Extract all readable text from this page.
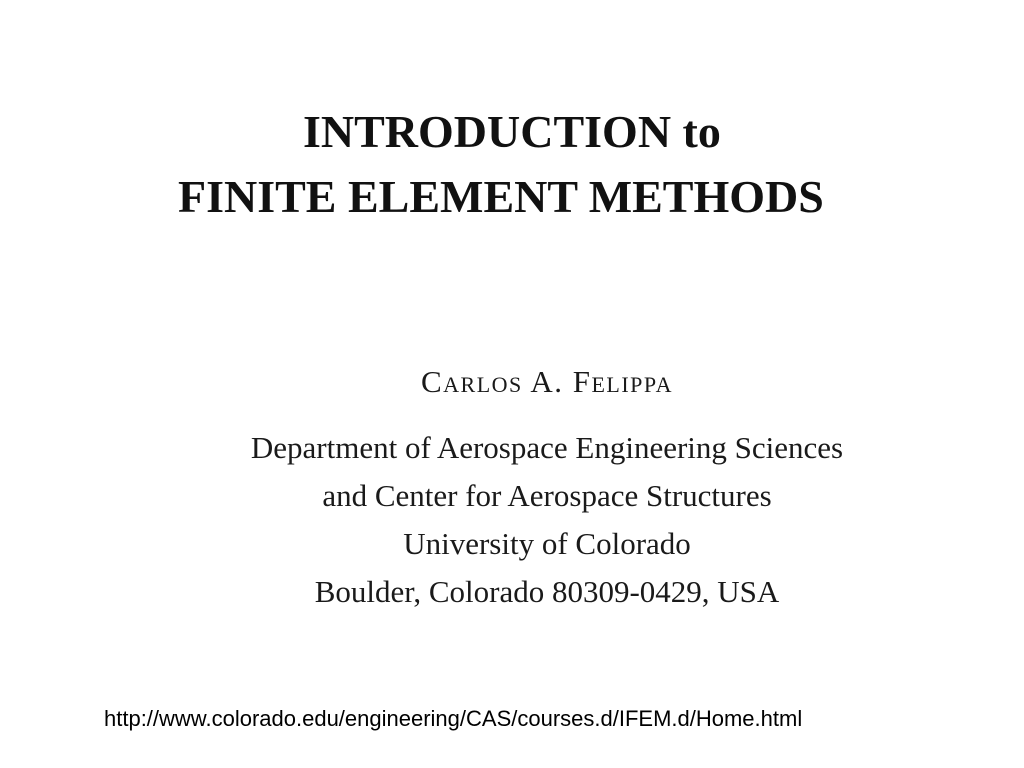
INTRODUCTION to
FINITE ELEMENT METHODS

Carlos A. Felippa

Department of Aerospace Engineering Sciences

and Center for Aerospace Structures

University of Colorado

Boulder, Colorado 80309-0429, USA

http://www.colorado.edu/engineering/CAS/courses.d/IFEM.d/Home.html
